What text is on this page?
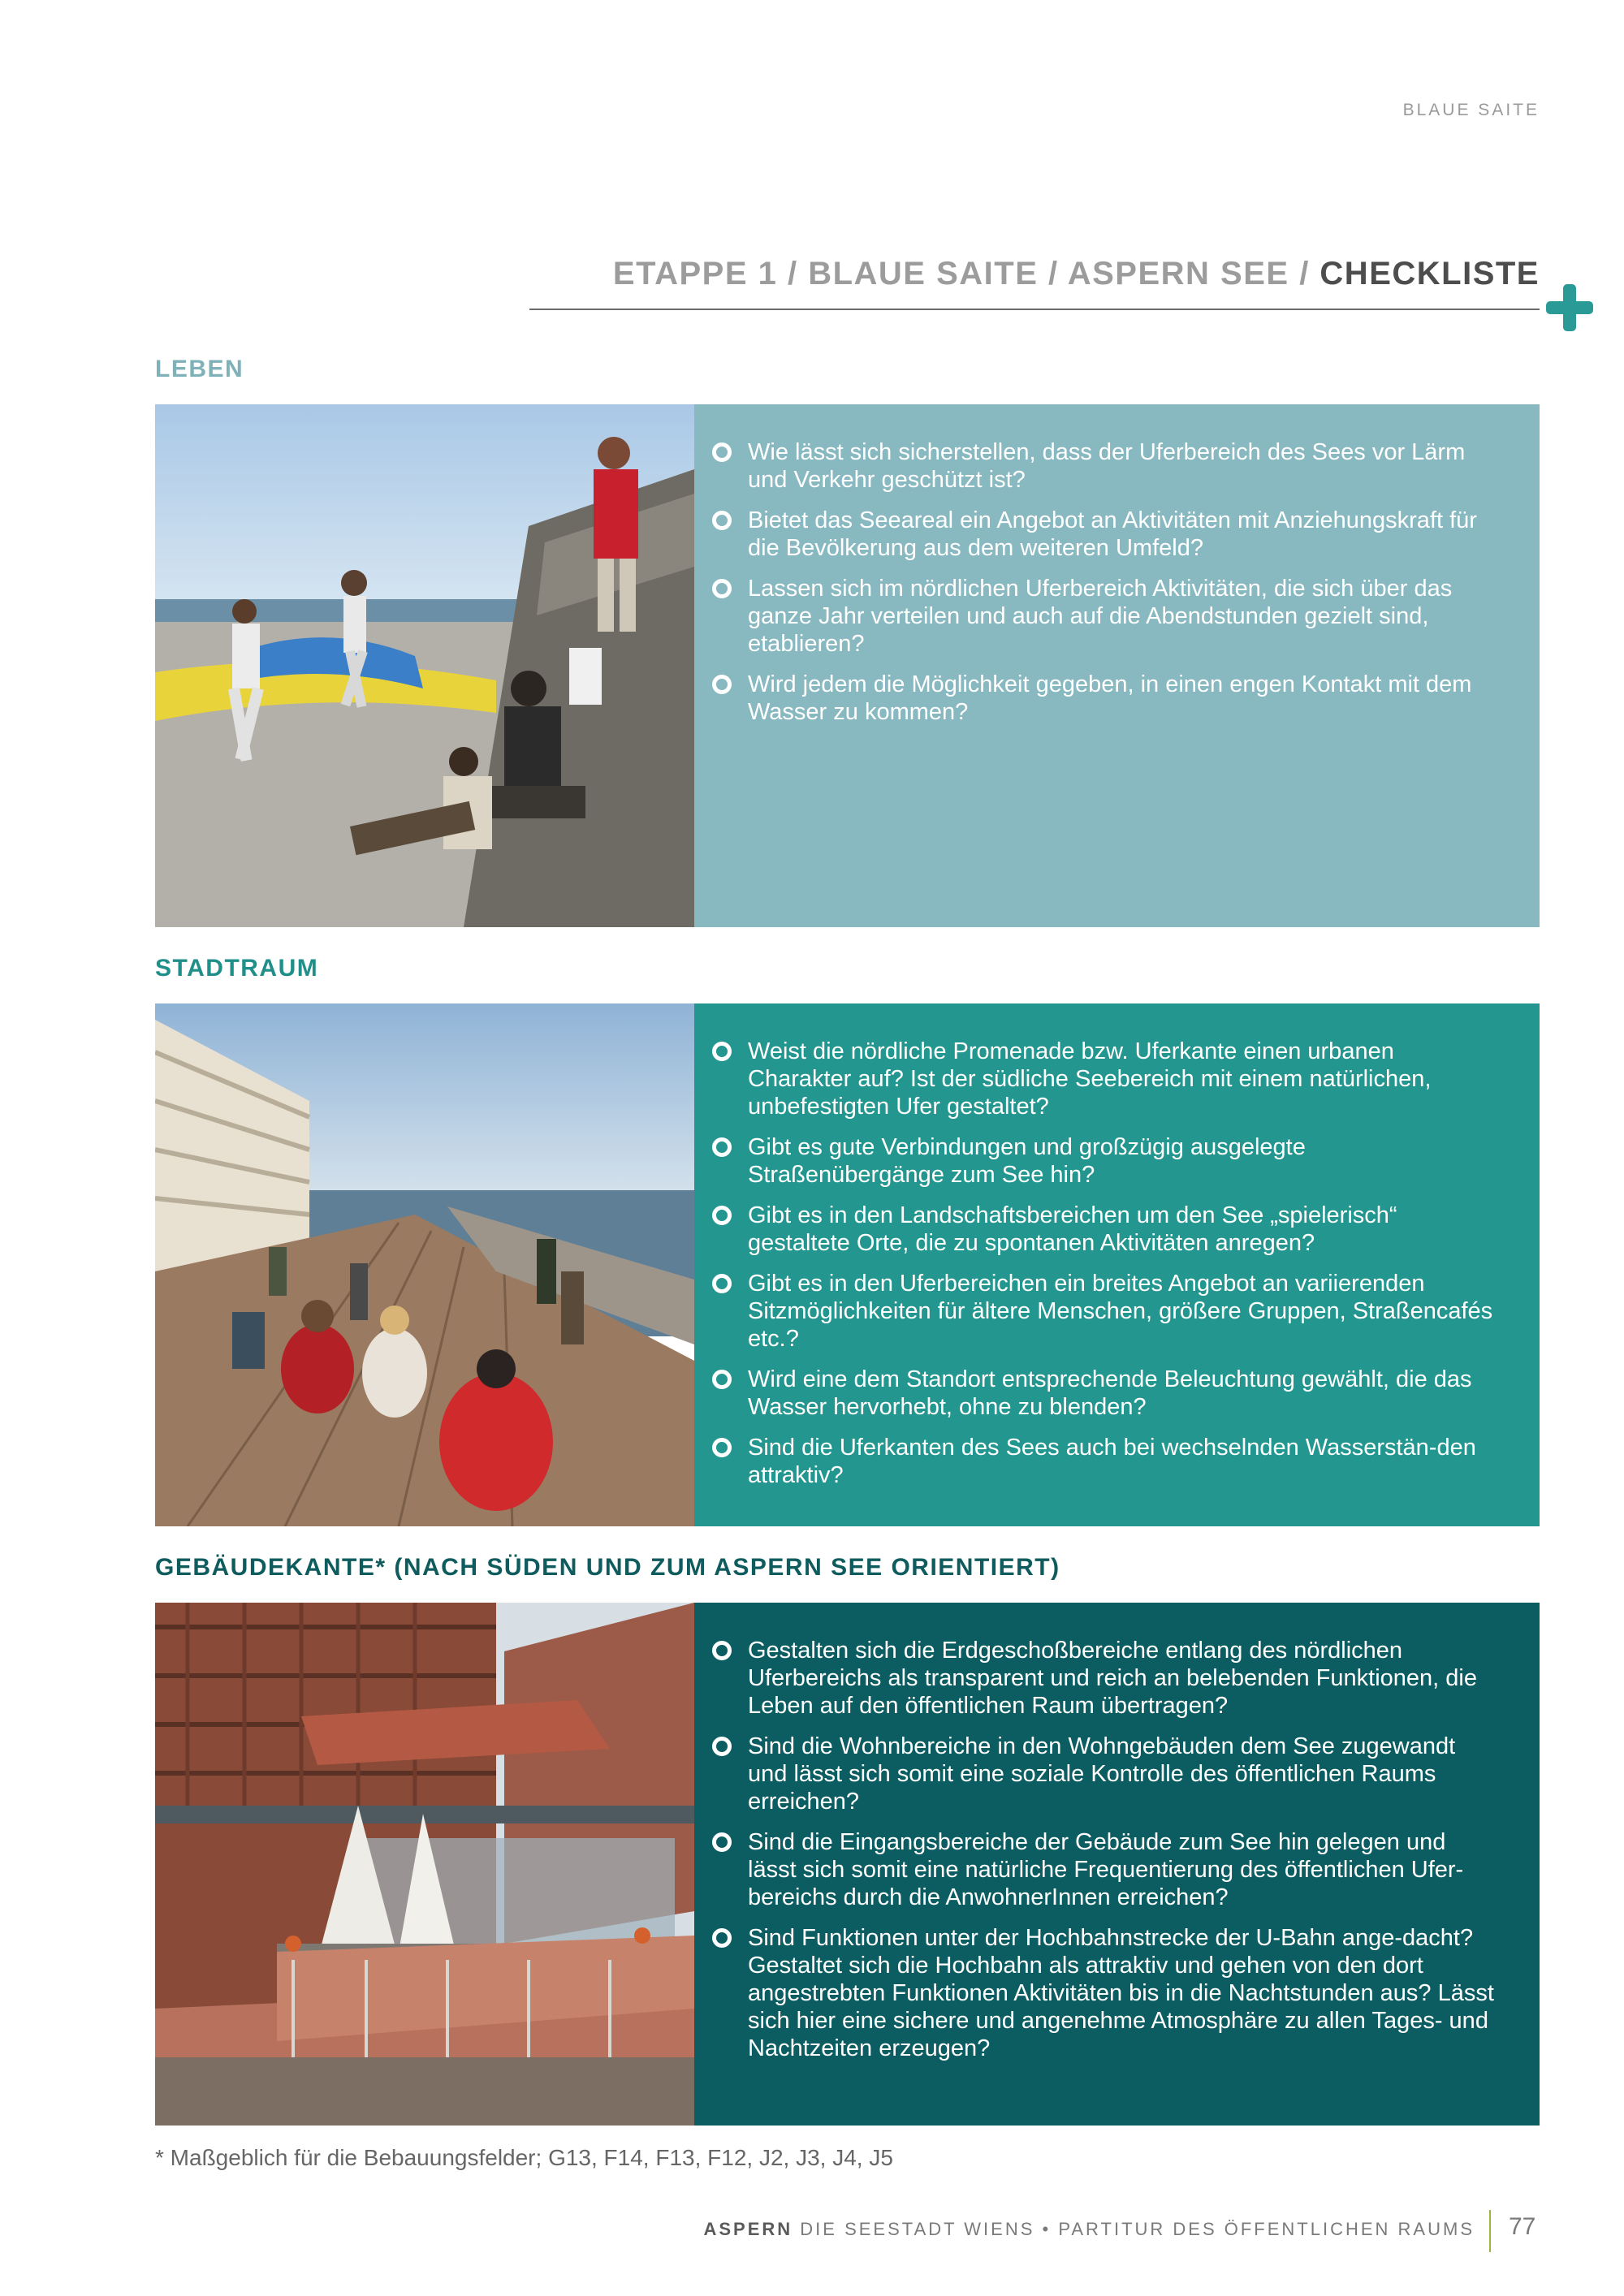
BLAUE SAITE
ETAPPE 1 / BLAUE SAITE / ASPERN SEE / CHECKLISTE
LEBEN
Wie lässt sich sicherstellen, dass der Uferbereich des Sees vor Lärm und Verkehr geschützt ist?
Bietet das Seeareal ein Angebot an Aktivitäten mit Anziehungskraft für die Bevölkerung aus dem weiteren Umfeld?
Lassen sich im nördlichen Uferbereich Aktivitäten, die sich über das ganze Jahr verteilen und auch auf die Abendstunden gezielt sind, etablieren?
Wird jedem die Möglichkeit gegeben, in einen engen Kontakt mit dem Wasser zu kommen?
STADTRAUM
Weist die nördliche Promenade bzw. Uferkante einen urbanen Charakter auf? Ist der südliche Seebereich mit einem natürlichen, unbefestigten Ufer gestaltet?
Gibt es gute Verbindungen und großzügig ausgelegte Straßenübergänge zum See hin?
Gibt es in den Landschaftsbereichen um den See „spielerisch“ gestaltete Orte, die zu spontanen Aktivitäten anregen?
Gibt es in den Uferbereichen ein breites Angebot an variierenden Sitzmöglichkeiten für ältere Menschen, größere Gruppen, Straßencafés etc.?
Wird eine dem Standort entsprechende Beleuchtung gewählt, die das Wasser hervorhebt, ohne zu blenden?
Sind die Uferkanten des Sees auch bei wechselnden Wasserstän-den attraktiv?
GEBÄUDEKANTE* (NACH SÜDEN UND ZUM ASPERN SEE ORIENTIERT)
Gestalten sich die Erdgeschoßbereiche entlang des nördlichen Uferbereichs als transparent und reich an belebenden Funktionen, die Leben auf den öffentlichen Raum übertragen?
Sind die Wohnbereiche in den Wohngebäuden dem See zugewandt und lässt sich somit eine soziale Kontrolle des öffentlichen Raums erreichen?
Sind die Eingangsbereiche der Gebäude zum See hin gelegen und lässt sich somit eine natürliche Frequentierung des öffentlichen Ufer-bereichs durch die AnwohnerInnen erreichen?
Sind Funktionen unter der Hochbahnstrecke der U-Bahn ange-dacht? Gestaltet sich die Hochbahn als attraktiv und gehen von den dort angestrebten Funktionen Aktivitäten bis in die Nachtstunden aus? Lässt sich hier eine sichere und angenehme Atmosphäre zu allen Tages- und Nachtzeiten erzeugen?
* Maßgeblich für die Bebauungsfelder; G13, F14, F13, F12, J2, J3, J4, J5
ASPERN DIE SEESTADT WIENS • PARTITUR DES ÖFFENTLICHEN RAUMS 77
